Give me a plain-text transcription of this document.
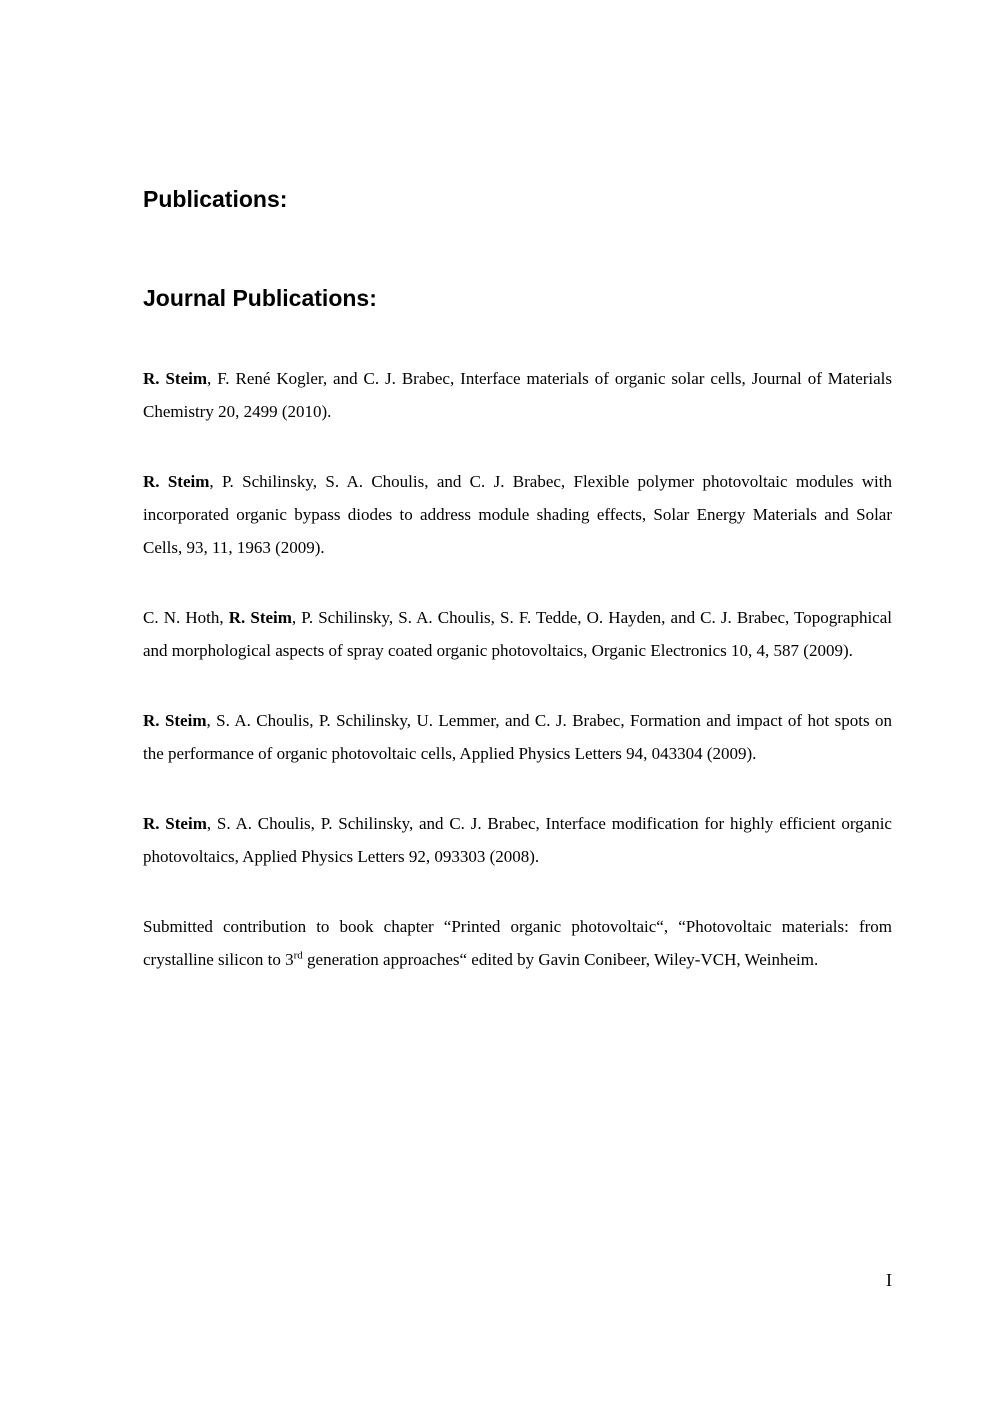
Publications:
Journal Publications:

R. Steim, F. René Kogler, and C. J. Brabec, Interface materials of organic solar cells, Journal of Materials Chemistry 20, 2499 (2010).

R. Steim, P. Schilinsky, S. A. Choulis, and C. J. Brabec, Flexible polymer photovoltaic modules with incorporated organic bypass diodes to address module shading effects, Solar Energy Materials and Solar Cells, 93, 11, 1963 (2009).

C. N. Hoth, R. Steim, P. Schilinsky, S. A. Choulis, S. F. Tedde, O. Hayden, and C. J. Brabec, Topographical and morphological aspects of spray coated organic photovoltaics, Organic Electronics 10, 4, 587 (2009).

R. Steim, S. A. Choulis, P. Schilinsky, U. Lemmer, and C. J. Brabec, Formation and impact of hot spots on the performance of organic photovoltaic cells, Applied Physics Letters 94, 043304 (2009).

R. Steim, S. A. Choulis, P. Schilinsky, and C. J. Brabec, Interface modification for highly efficient organic photovoltaics, Applied Physics Letters 92, 093303 (2008).

Submitted contribution to book chapter “Printed organic photovoltaic“, “Photovoltaic materials: from crystalline silicon to 3rd generation approaches“ edited by Gavin Conibeer, Wiley-VCH, Weinheim.

I
